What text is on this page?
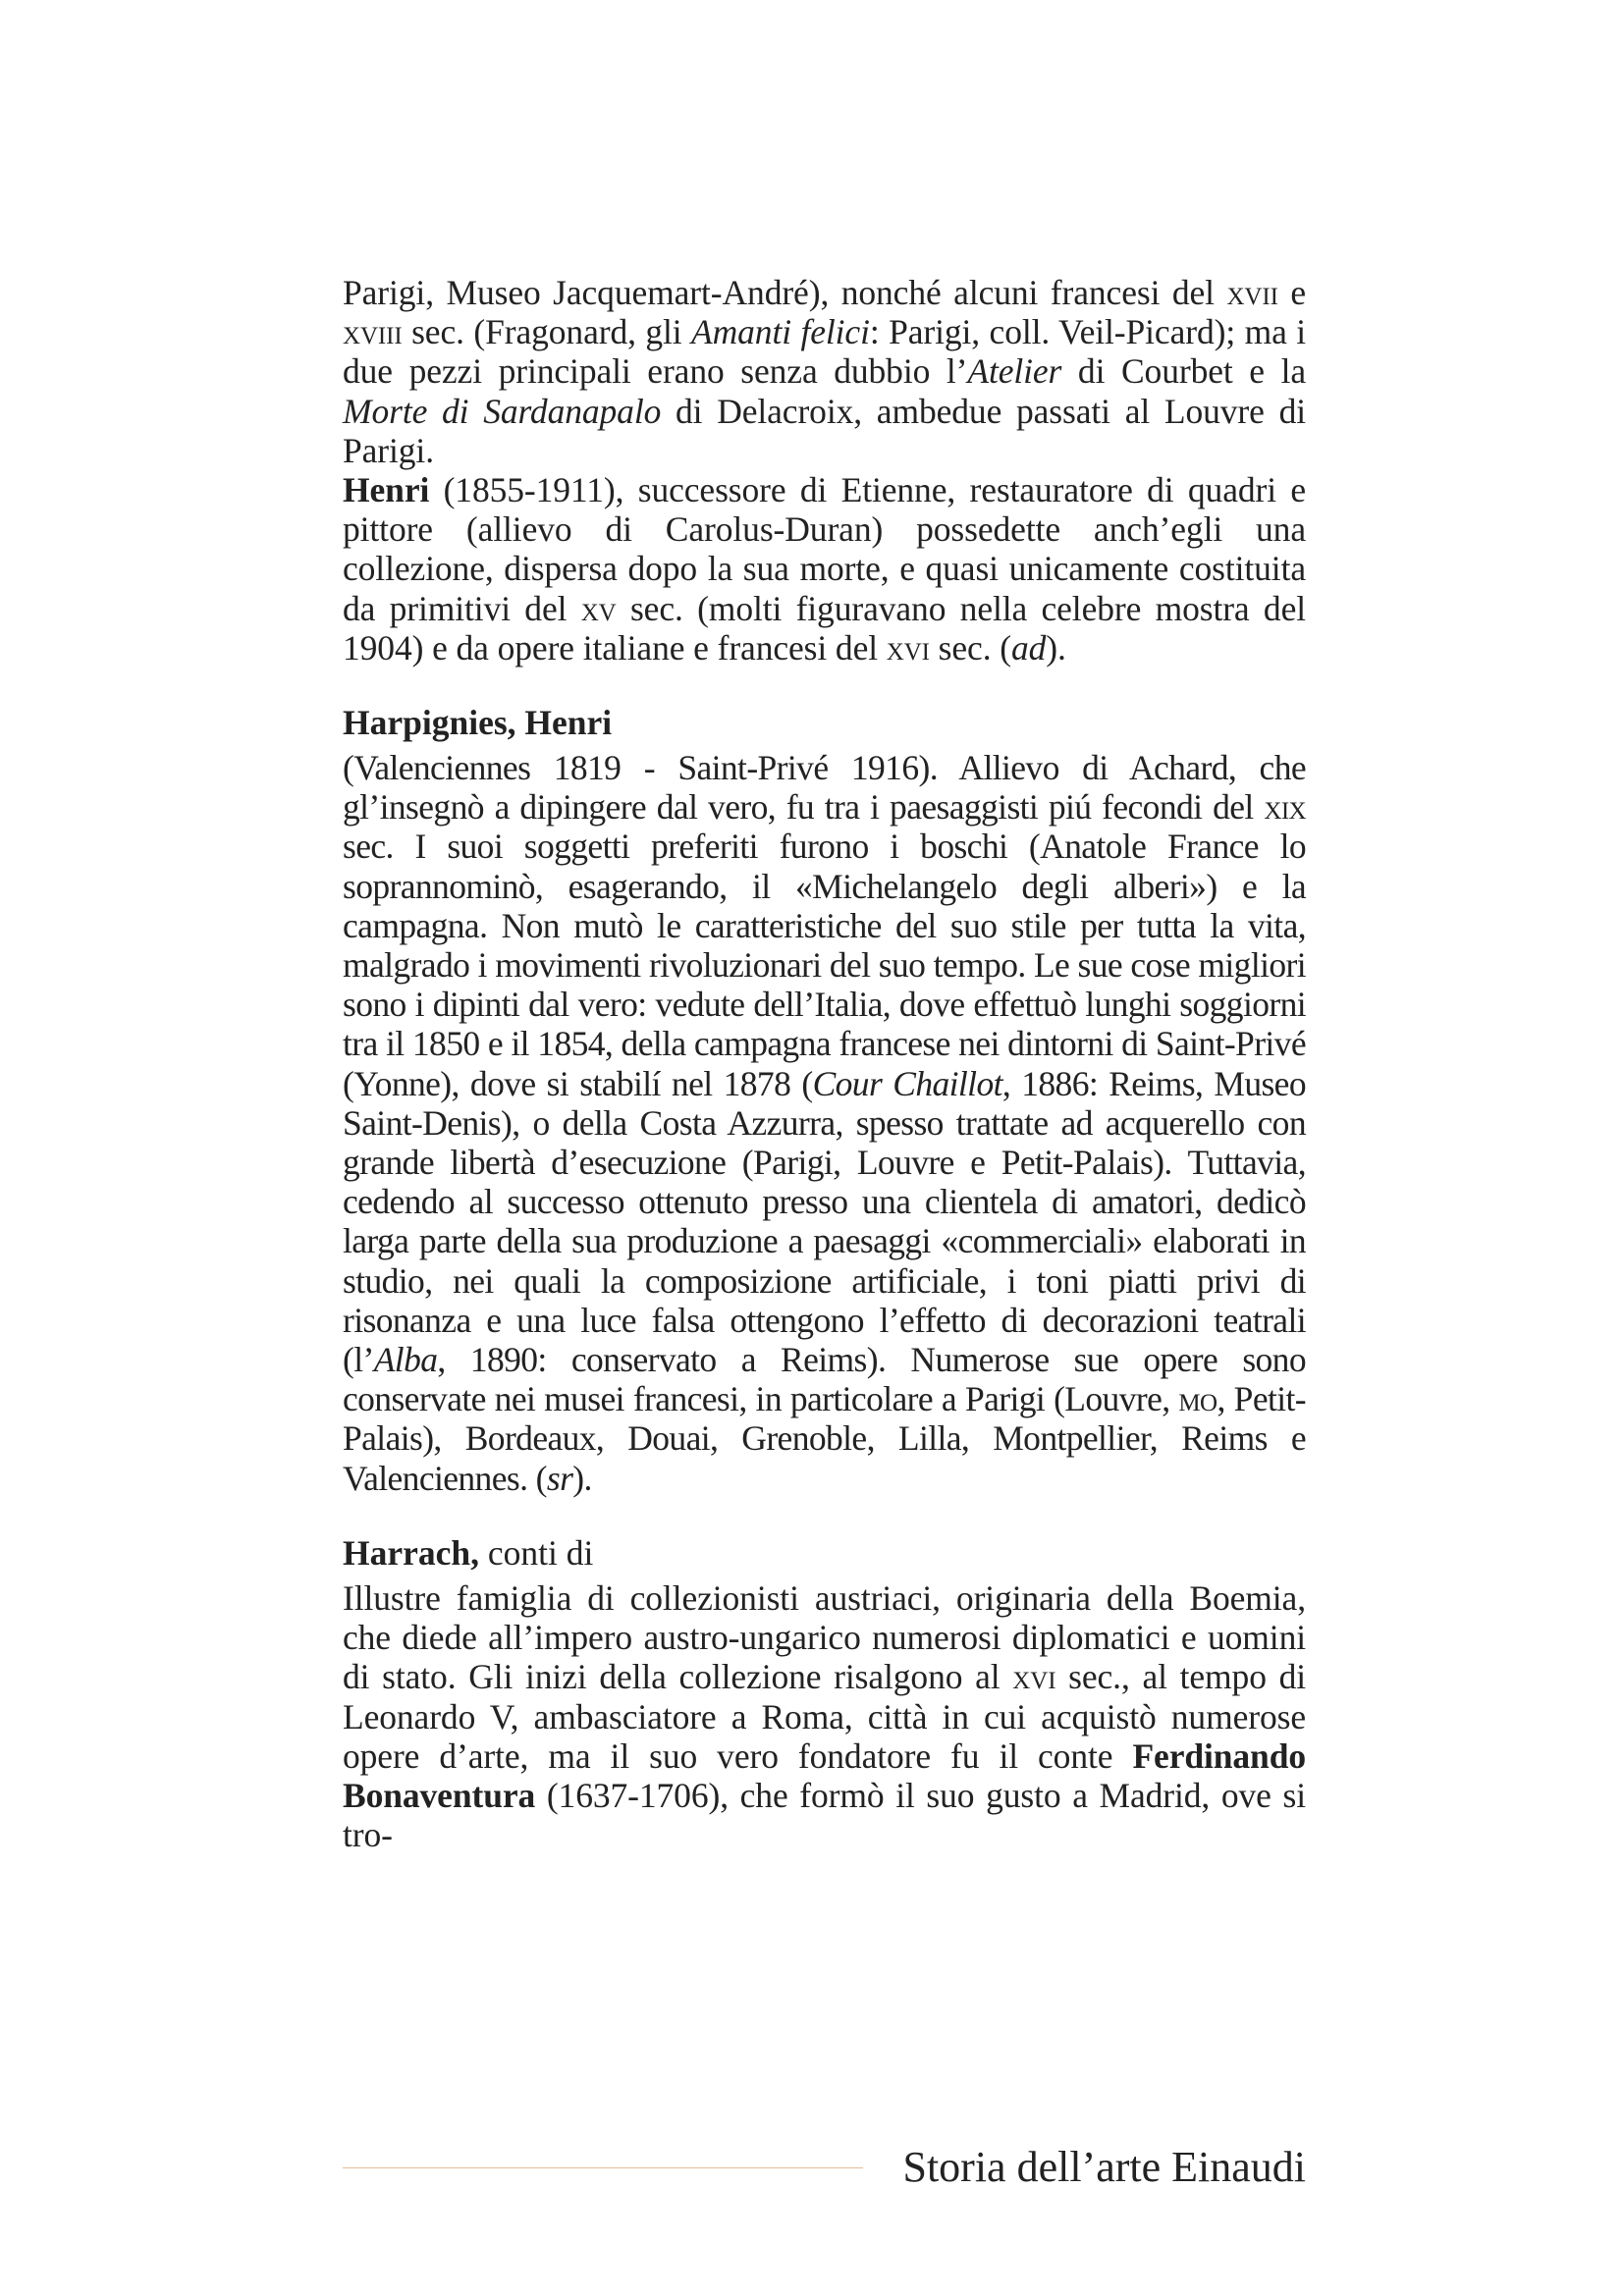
Parigi, Museo Jacquemart-André), nonché alcuni francesi del xvii e xviii sec. (Fragonard, gli Amanti felici: Parigi, coll. Veil-Picard); ma i due pezzi principali erano senza dubbio l’Atelier di Courbet e la Morte di Sardanapalo di Delacroix, ambedue passati al Louvre di Parigi.

Henri (1855-1911), successore di Etienne, restauratore di quadri e pittore (allievo di Carolus-Duran) possedette anch’egli una collezione, dispersa dopo la sua morte, e quasi unicamente costituita da primitivi del xv sec. (molti figuravano nella celebre mostra del 1904) e da opere italiane e francesi del xvi sec. (ad).

Harpignies, Henri

(Valenciennes 1819 - Saint-Privé 1916). Allievo di Achard, che gl’insegnò a dipingere dal vero, fu tra i paesaggisti piú fecondi del xix sec. I suoi soggetti preferiti furono i boschi (Anatole France lo soprannominò, esagerando, il «Michelangelo degli alberi») e la campagna. Non mutò le caratteristiche del suo stile per tutta la vita, malgrado i movimenti rivoluzionari del suo tempo. Le sue cose migliori sono i dipinti dal vero: vedute dell’Italia, dove effettuò lunghi soggiorni tra il 1850 e il 1854, della campagna francese nei dintorni di Saint-Privé (Yonne), dove si stabilí nel 1878 (Cour Chaillot, 1886: Reims, Museo Saint-Denis), o della Costa Azzurra, spesso trattate ad acquerello con grande libertà d’esecuzione (Parigi, Louvre e Petit-Palais). Tuttavia, cedendo al successo ottenuto presso una clientela di amatori, dedicò larga parte della sua produzione a paesaggi «commerciali» elaborati in studio, nei quali la composizione artificiale, i toni piatti privi di risonanza e una luce falsa ottengono l’effetto di decorazioni teatrali (l’Alba, 1890: conservato a Reims). Numerose sue opere sono conservate nei musei francesi, in particolare a Parigi (Louvre, mo, Petit-Palais), Bordeaux, Douai, Grenoble, Lilla, Montpellier, Reims e Valenciennes. (sr).

Harrach, conti di

Illustre famiglia di collezionisti austriaci, originaria della Boemia, che diede all’impero austro-ungarico numerosi diplomatici e uomini di stato. Gli inizi della collezione risalgono al xvi sec., al tempo di Leonardo V, ambasciatore a Roma, città in cui acquistò numerose opere d’arte, ma il suo vero fondatore fu il conte Ferdinando Bonaventura (1637-1706), che formò il suo gusto a Madrid, ove si tro-

Storia dell’arte Einaudi
